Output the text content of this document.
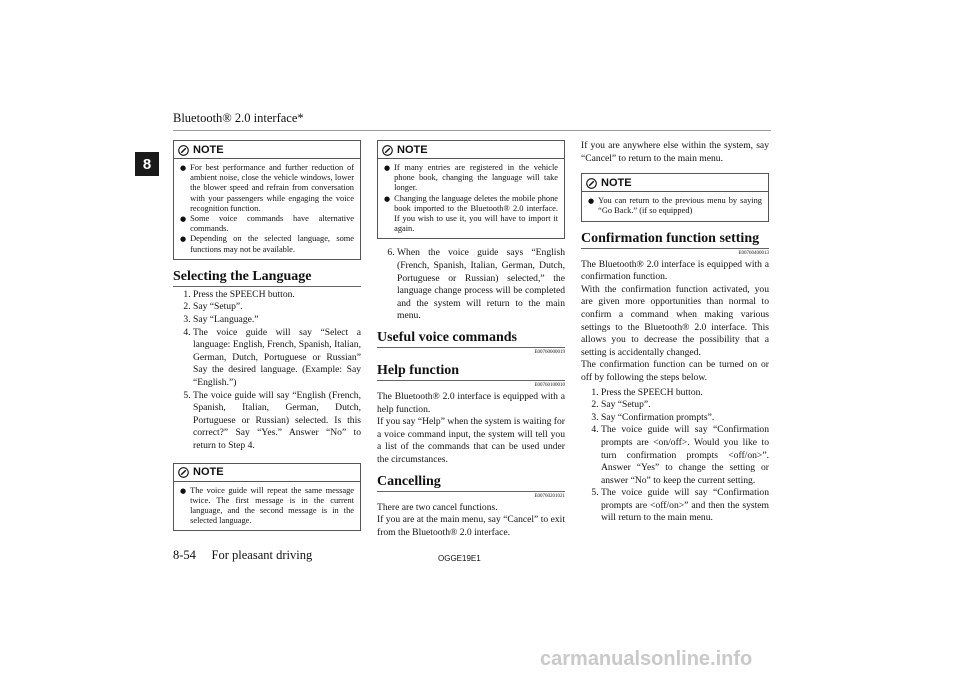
Bluetooth® 2.0 interface*
8
NOTE
● For best performance and further reduction of ambient noise, close the vehicle windows, lower the blower speed and refrain from conversation with your passengers while engaging the voice recognition function.
● Some voice commands have alternative commands.
● Depending on the selected language, some functions may not be available.
Selecting the Language
1. Press the SPEECH button.
2. Say “Setup”.
3. Say “Language.”
4. The voice guide will say “Select a language: English, French, Spanish, Italian, German, Dutch, Portuguese or Russian” Say the desired language. (Example: Say “English.”)
5. The voice guide will say “English (French, Spanish, Italian, German, Dutch, Portuguese or Russian) selected. Is this correct?” Say “Yes.” Answer “No” to return to Step 4.
NOTE
● The voice guide will repeat the same message twice. The first message is in the current language, and the second message is in the selected language.
NOTE
● If many entries are registered in the vehicle phone book, changing the language will take longer.
● Changing the language deletes the mobile phone book imported to the Bluetooth® 2.0 interface. If you wish to use it, you will have to import it again.
6. When the voice guide says “English (French, Spanish, Italian, German, Dutch, Portuguese or Russian) selected,” the language change process will be completed and the system will return to the main menu.
Useful voice commands
E00760000019
Help function
E00760100010

The Bluetooth® 2.0 interface is equipped with a help function.

If you say “Help” when the system is waiting for a voice command input, the system will tell you a list of the commands that can be used under the circumstances.

Cancelling
E00760201021

There are two cancel functions.

If you are at the main menu, say “Cancel” to exit from the Bluetooth® 2.0 interface.

If you are anywhere else within the system, say “Cancel” to return to the main menu.

NOTE
● You can return to the previous menu by saying “Go Back.” (if so equipped)
Confirmation function setting
E00760400013

The Bluetooth® 2.0 interface is equipped with a confirmation function.

With the confirmation function activated, you are given more opportunities than normal to confirm a command when making various settings to the Bluetooth® 2.0 interface. This allows you to decrease the possibility that a setting is accidentally changed.

The confirmation function can be turned on or off by following the steps below.

1. Press the SPEECH button.
2. Say “Setup”.
3. Say “Confirmation prompts”.
4. The voice guide will say “Confirmation prompts are <on/off>. Would you like to turn confirmation prompts <off/on>”. Answer “Yes” to change the setting or answer “No” to keep the current setting.
5. The voice guide will say “Confirmation prompts are <off/on>” and then the system will return to the main menu.
8-54 For pleasant driving	OGGE19E1
carmanualsonline.info
